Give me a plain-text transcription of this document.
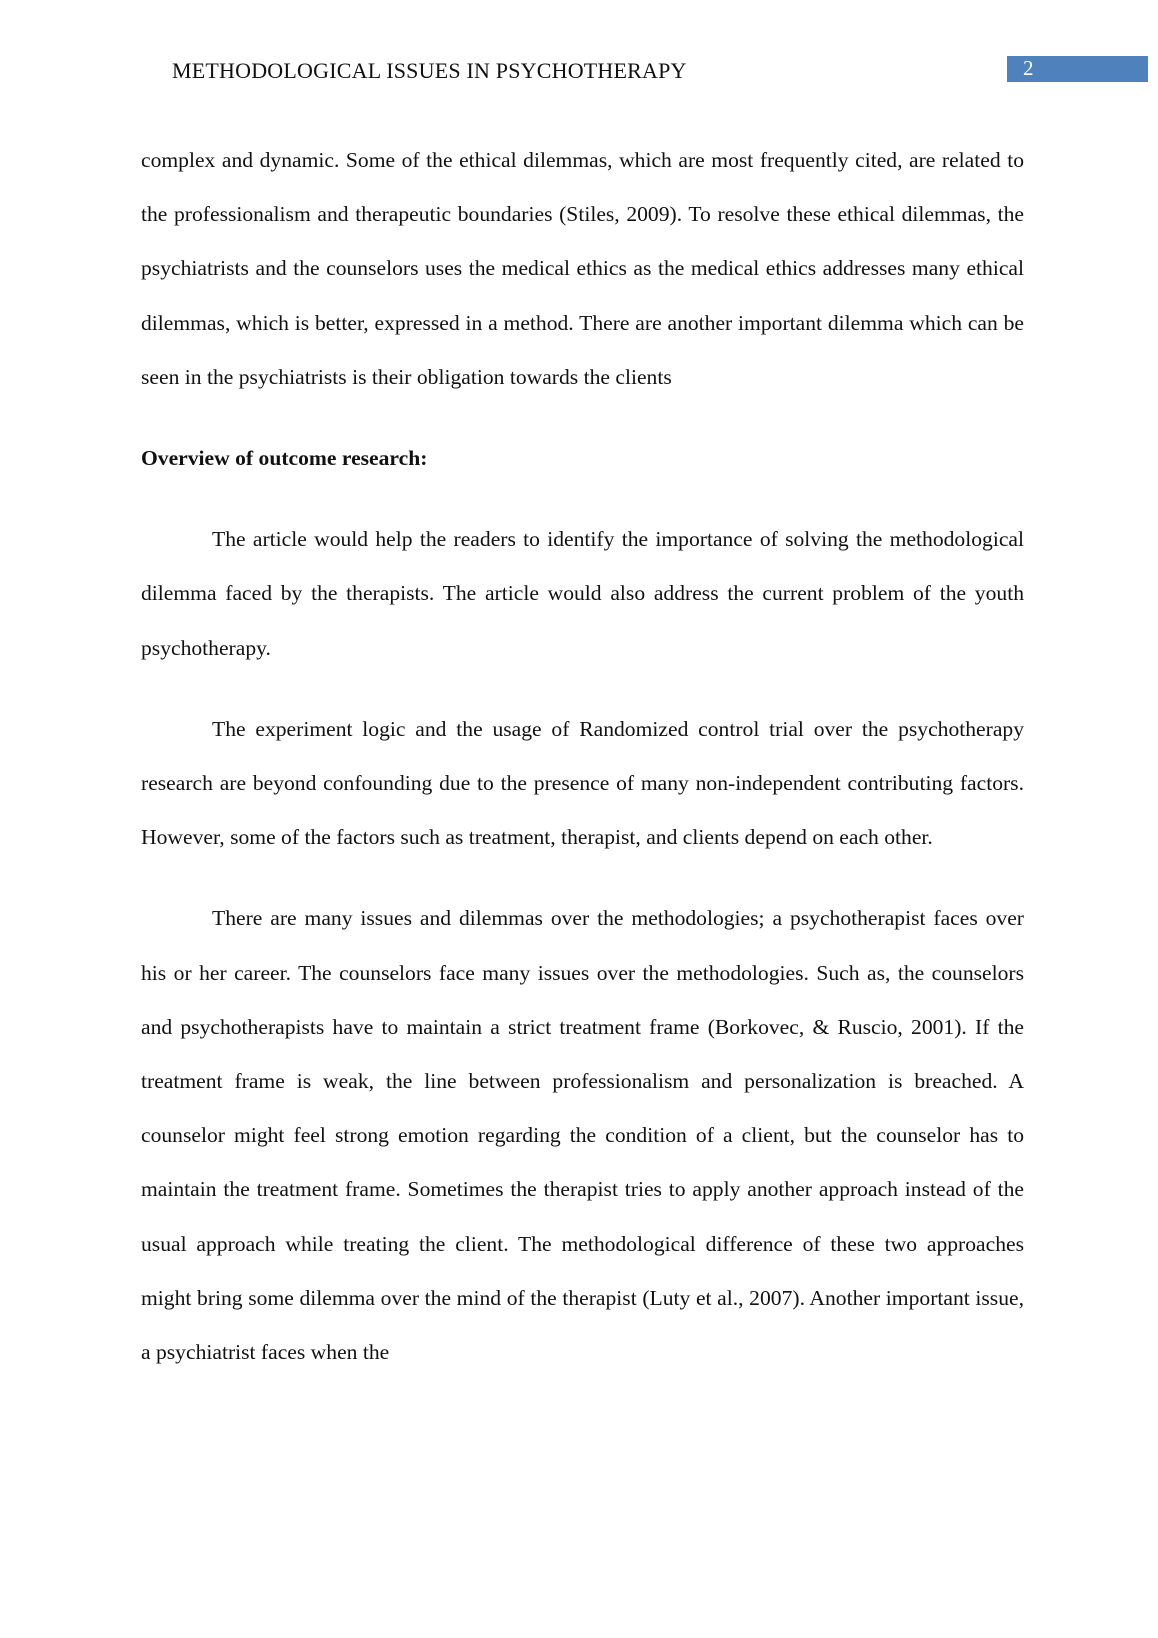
METHODOLOGICAL ISSUES IN PSYCHOTHERAPY	2

complex and dynamic. Some of the ethical dilemmas, which are most frequently cited, are related to the professionalism and therapeutic boundaries (Stiles, 2009). To resolve these ethical dilemmas, the psychiatrists and the counselors uses the medical ethics as the medical ethics addresses many ethical dilemmas, which is better, expressed in a method. There are another important dilemma which can be seen in the psychiatrists is their obligation towards the clients

Overview of outcome research:

The article would help the readers to identify the importance of solving the methodological dilemma faced by the therapists. The article would also address the current problem of the youth psychotherapy.

The experiment logic and the usage of Randomized control trial over the psychotherapy research are beyond confounding due to the presence of many non-independent contributing factors. However, some of the factors such as treatment, therapist, and clients depend on each other.

There are many issues and dilemmas over the methodologies; a psychotherapist faces over his or her career. The counselors face many issues over the methodologies. Such as, the counselors and psychotherapists have to maintain a strict treatment frame (Borkovec, & Ruscio, 2001). If the treatment frame is weak, the line between professionalism and personalization is breached. A counselor might feel strong emotion regarding the condition of a client, but the counselor has to maintain the treatment frame. Sometimes the therapist tries to apply another approach instead of the usual approach while treating the client. The methodological difference of these two approaches might bring some dilemma over the mind of the therapist (Luty et al., 2007). Another important issue, a psychiatrist faces when the
